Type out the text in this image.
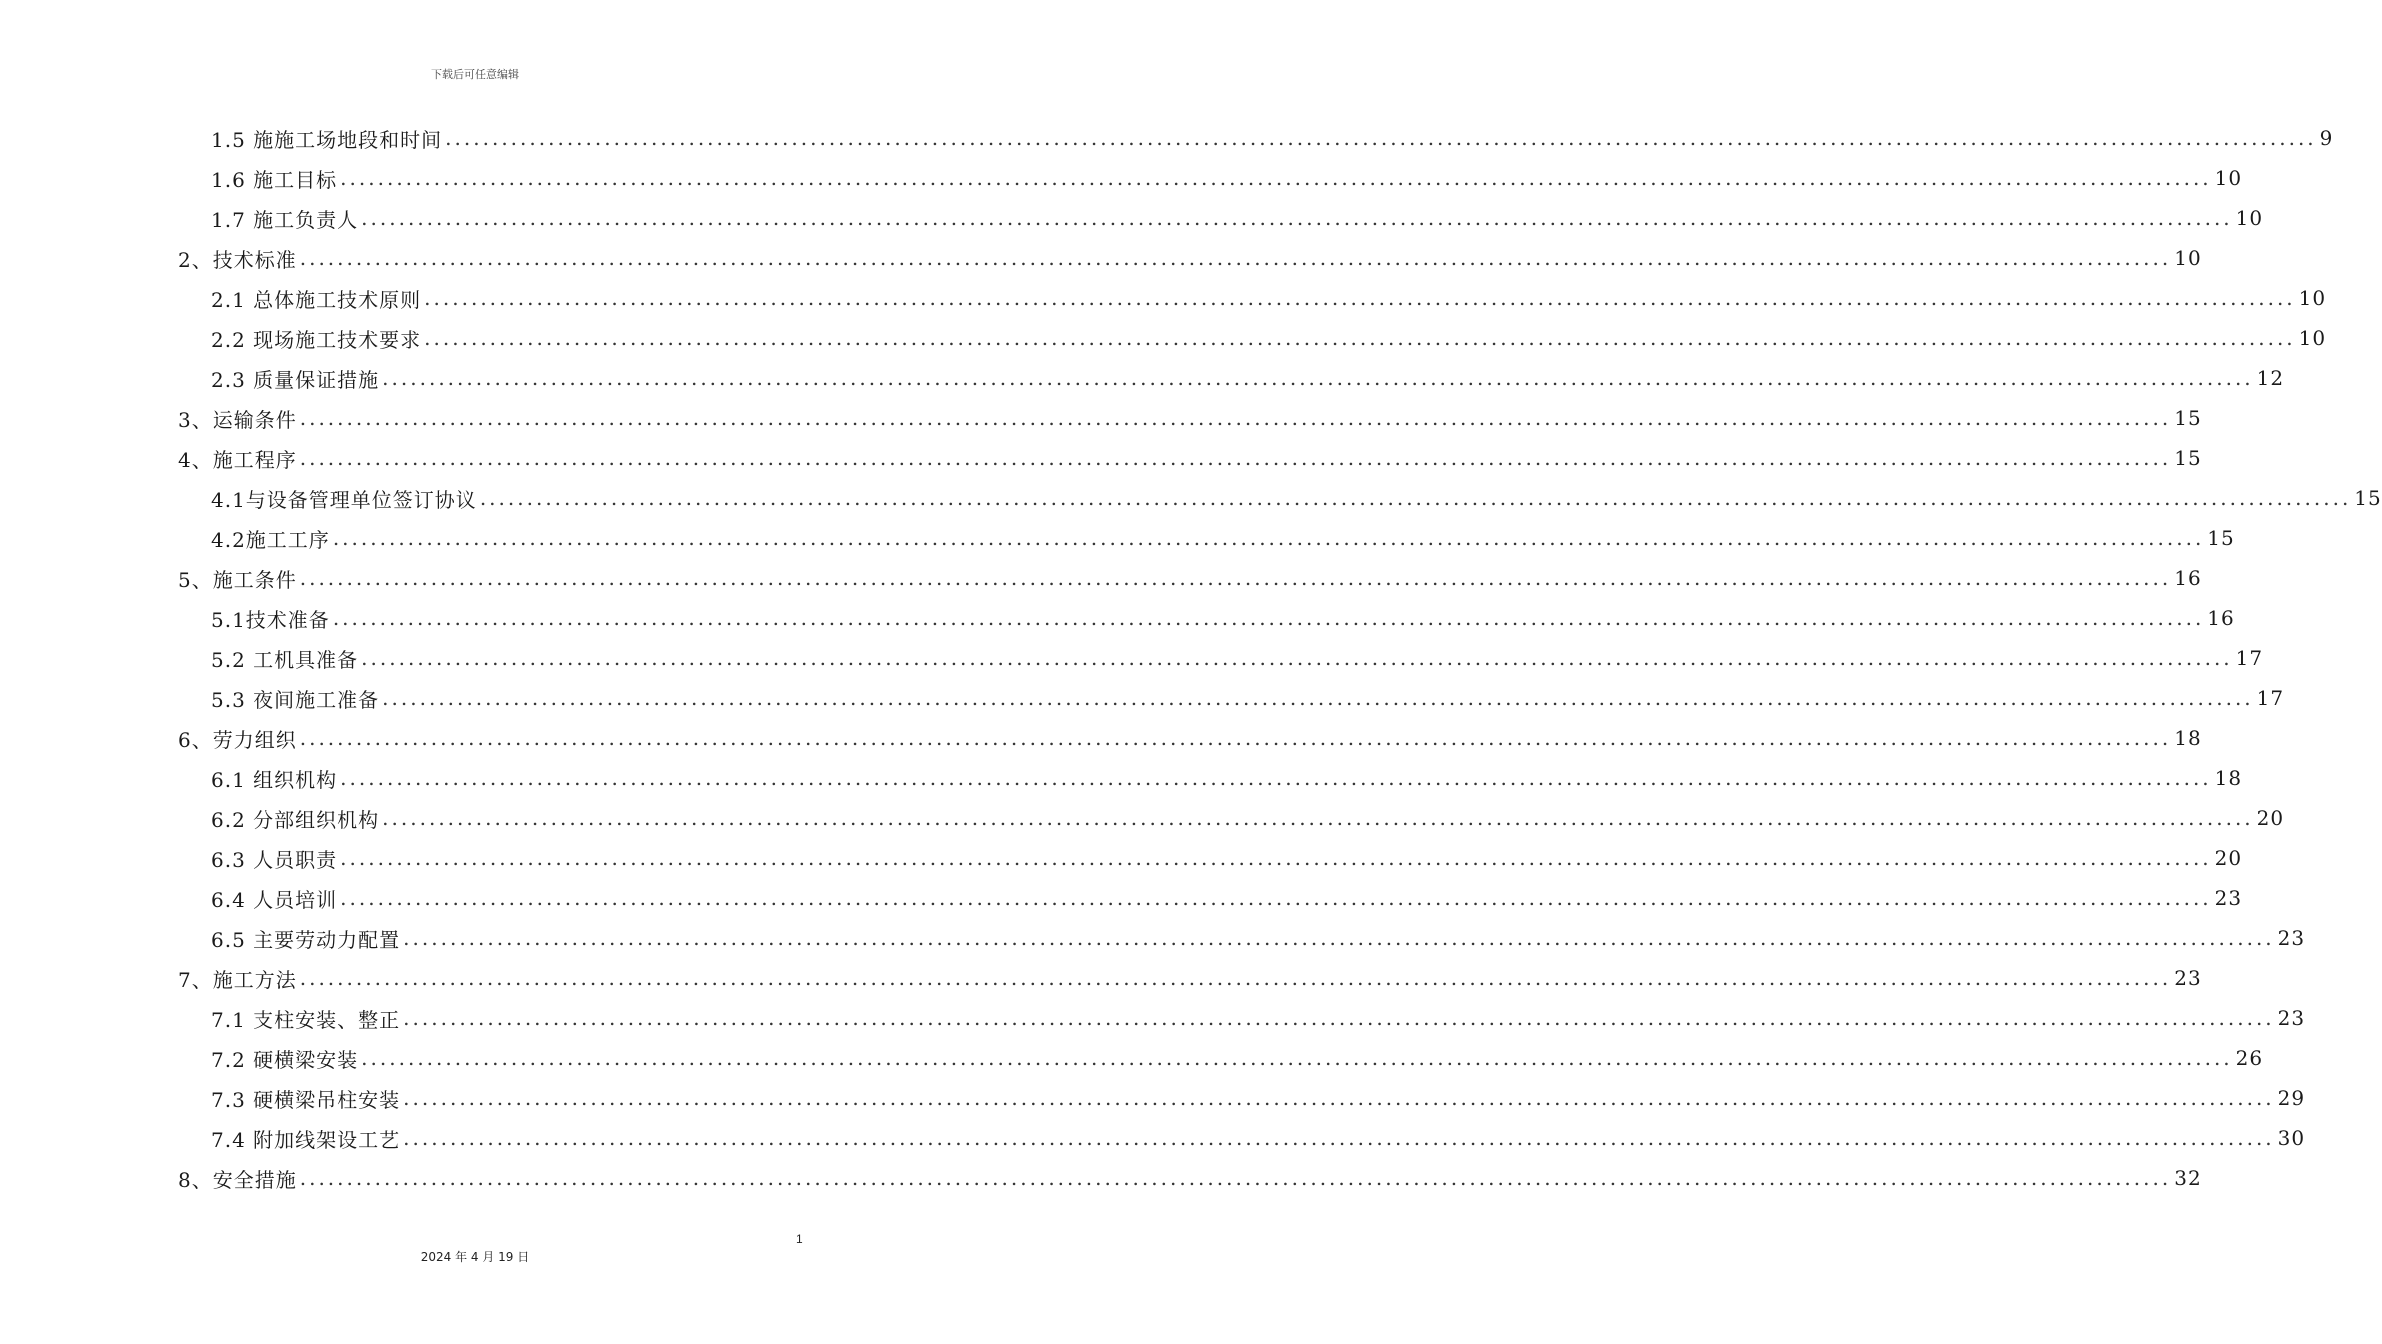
下载后可任意编辑
1.5 施施工场地段和时间 ........................................................................................................................................................................................................ 9
1.6 施工目标 ........................................................................................................................................................................................................ 10
1.7 施工负责人 ........................................................................................................................................................................................................ 10
2、技术标准 ........................................................................................................................................................................................................ 10
2.1 总体施工技术原则 ........................................................................................................................................................................................................ 10
2.2 现场施工技术要求 ........................................................................................................................................................................................................ 10
2.3 质量保证措施 ........................................................................................................................................................................................................ 12
3、运输条件 ........................................................................................................................................................................................................ 15
4、施工程序 ........................................................................................................................................................................................................ 15
4.1与设备管理单位签订协议 ........................................................................................................................................................................................................ 15
4.2施工工序 ........................................................................................................................................................................................................ 15
5、施工条件 ........................................................................................................................................................................................................ 16
5.1技术准备 ........................................................................................................................................................................................................ 16
5.2 工机具准备 ........................................................................................................................................................................................................ 17
5.3 夜间施工准备 ........................................................................................................................................................................................................ 17
6、劳力组织 ........................................................................................................................................................................................................ 18
6.1 组织机构 ........................................................................................................................................................................................................ 18
6.2 分部组织机构 ........................................................................................................................................................................................................ 20
6.3 人员职责 ........................................................................................................................................................................................................ 20
6.4 人员培训 ........................................................................................................................................................................................................ 23
6.5 主要劳动力配置 ........................................................................................................................................................................................................ 23
7、施工方法 ........................................................................................................................................................................................................ 23
7.1 支柱安装、整正 ........................................................................................................................................................................................................ 23
7.2 硬横梁安装 ........................................................................................................................................................................................................ 26
7.3 硬横梁吊柱安装 ........................................................................................................................................................................................................ 29
7.4 附加线架设工艺 ........................................................................................................................................................................................................ 30
8、安全措施 ........................................................................................................................................................................................................ 32
1
2024 年 4 月 19 日
